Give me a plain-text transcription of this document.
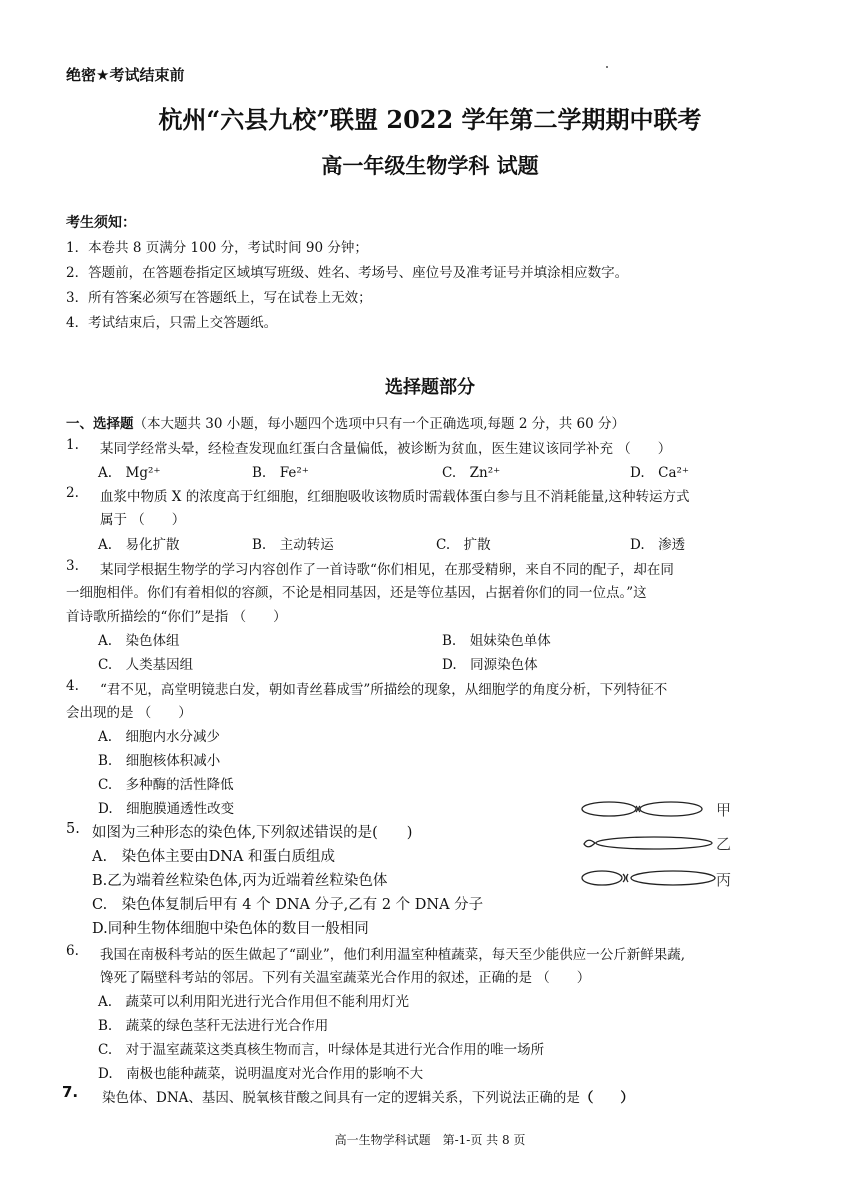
绝密★考试结束前
杭州“六县九校”联盟 2022 学年第二学期期中联考
高一年级生物学科 试题
考生须知：
1．本卷共 8 页满分 100 分，考试时间 90 分钟；
2．答题前，在答题卷指定区域填写班级、姓名、考场号、座位号及准考证号并填涂相应数字。
3．所有答案必须写在答题纸上，写在试卷上无效；
4．考试结束后，只需上交答题纸。
选择题部分
一、选择题（本大题共 30 小题，每小题四个选项中只有一个正确选项,每题 2 分，共 60 分）
1. 某同学经常头晕，经检查发现血红蛋白含量偏低，被诊断为贫血，医生建议该同学补充 （　　）
A.　Mg²⁺	B.　Fe²⁺	C.　Zn²⁺	D.　Ca²⁺
2. 血浆中物质 X 的浓度高于红细胞，红细胞吸收该物质时需载体蛋白参与且不消耗能量,这种转运方式
属于 （　　）
A.　易化扩散	B.　主动转运	C.　扩散	D.　渗透
3. 某同学根据生物学的学习内容创作了一首诗歌“你们相见，在那受精卵，来自不同的配子，却在同
一细胞相伴。你们有着相似的容颜，不论是相同基因，还是等位基因，占据着你们的同一位点。”这
首诗歌所描绘的“你们”是指 （　　）
A.　染色体组	B.　姐妹染色单体
C.　人类基因组	D.　同源染色体
4. “君不见，高堂明镜悲白发，朝如青丝暮成雪”所描绘的现象，从细胞学的角度分析，下列特征不
会出现的是 （　　）
A.　细胞内水分减少
B.　细胞核体积减小
C.　多种酶的活性降低
D.　细胞膜通透性改变
5. 如图为三种形态的染色体,下列叙述错误的是(　　)
A.　染色体主要由DNA 和蛋白质组成
B.乙为端着丝粒染色体,丙为近端着丝粒染色体
C.　染色体复制后甲有 4 个 DNA 分子,乙有 2 个 DNA 分子
D.同种生物体细胞中染色体的数目一般相同
甲
乙
丙
6. 我国在南极科考站的医生做起了“副业”，他们利用温室种植蔬菜，每天至少能供应一公斤新鲜果蔬,
馋死了隔壁科考站的邻居。下列有关温室蔬菜光合作用的叙述，正确的是 （　　）
A.　蔬菜可以利用阳光进行光合作用但不能利用灯光
B.　蔬菜的绿色茎秆无法进行光合作用
C.　对于温室蔬菜这类真核生物而言，叶绿体是其进行光合作用的唯一场所
D.　南极也能种蔬菜，说明温度对光合作用的影响不大
7. 染色体、DNA、基因、脱氧核苷酸之间具有一定的逻辑关系，下列说法正确的是（　　）
高一生物学科试题　第-1-页 共 8 页
